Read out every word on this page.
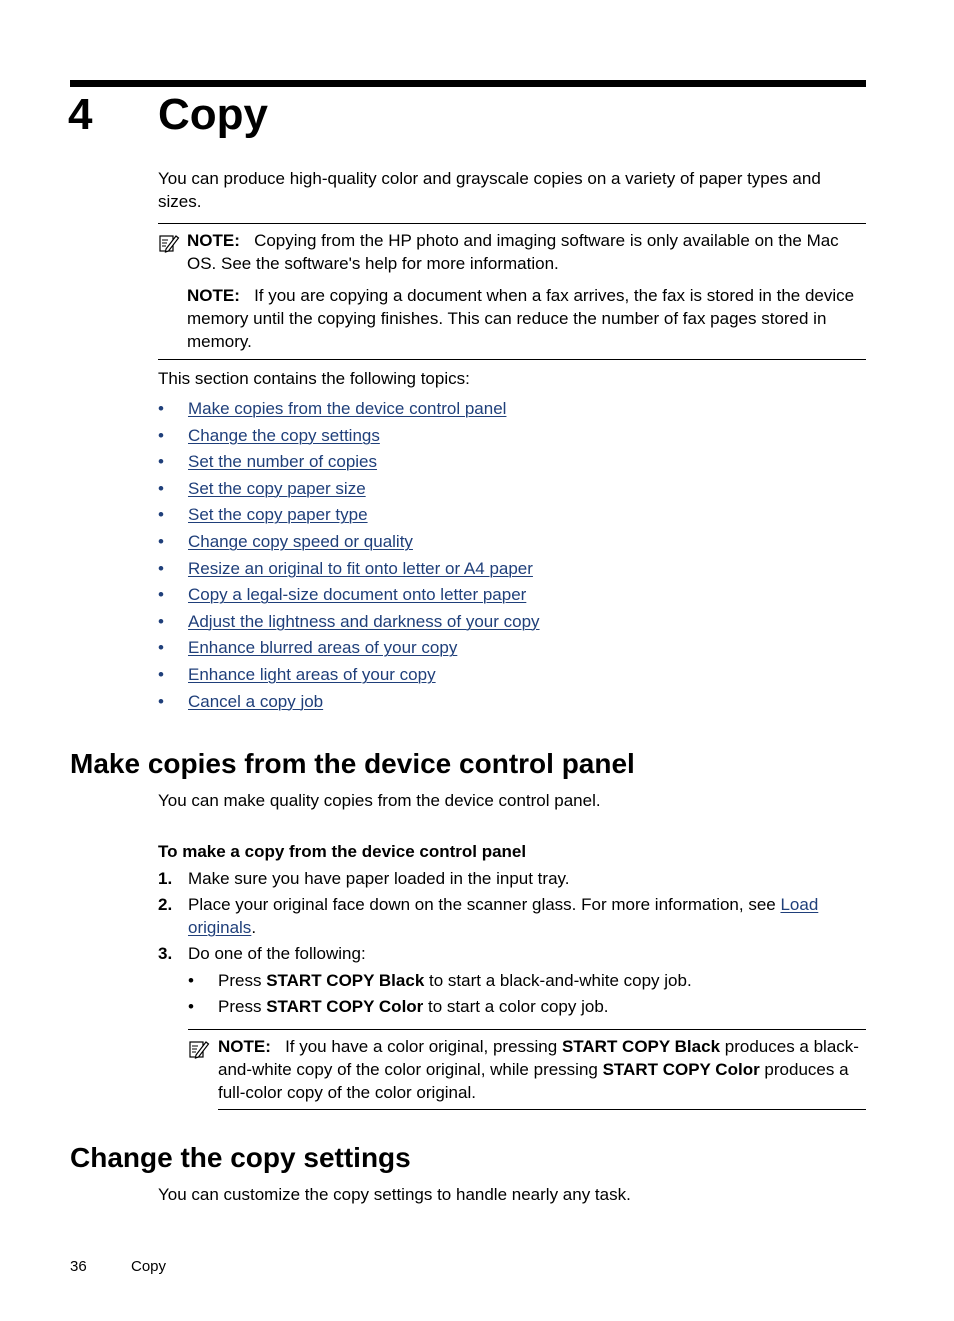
4 Copy

You can produce high-quality color and grayscale copies on a variety of paper types and sizes.

NOTE: Copying from the HP photo and imaging software is only available on the Mac OS. See the software's help for more information.

NOTE: If you are copying a document when a fax arrives, the fax is stored in the device memory until the copying finishes. This can reduce the number of fax pages stored in memory.

This section contains the following topics:

• Make copies from the device control panel
• Change the copy settings
• Set the number of copies
• Set the copy paper size
• Set the copy paper type
• Change copy speed or quality
• Resize an original to fit onto letter or A4 paper
• Copy a legal-size document onto letter paper
• Adjust the lightness and darkness of your copy
• Enhance blurred areas of your copy
• Enhance light areas of your copy
• Cancel a copy job
Make copies from the device control panel

You can make quality copies from the device control panel.

To make a copy from the device control panel

1. Make sure you have paper loaded in the input tray.
2. Place your original face down on the scanner glass. For more information, see Load originals.
3. Do one of the following:
• Press START COPY Black to start a black-and-white copy job.
• Press START COPY Color to start a color copy job.

NOTE: If you have a color original, pressing START COPY Black produces a black-and-white copy of the color original, while pressing START COPY Color produces a full-color copy of the color original.

Change the copy settings

You can customize the copy settings to handle nearly any task.

36	Copy
